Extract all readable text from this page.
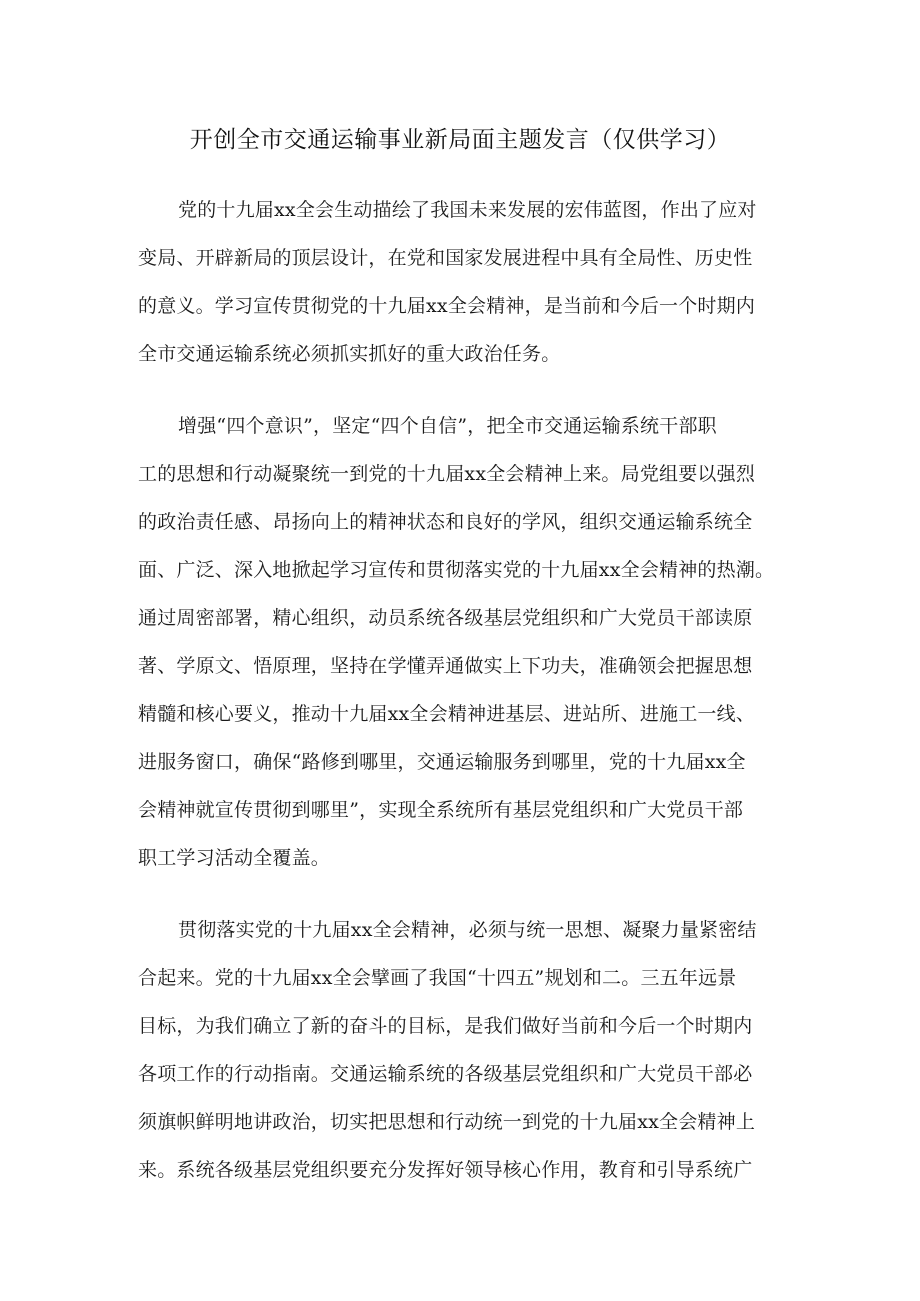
开创全市交通运输事业新局面主题发言（仅供学习）

党的十九届xx全会生动描绘了我国未来发展的宏伟蓝图，作出了应对
变局、开辟新局的顶层设计，在党和国家发展进程中具有全局性、历史性
的意义。学习宣传贯彻党的十九届xx全会精神，是当前和今后一个时期内
全市交通运输系统必须抓实抓好的重大政治任务。

增强“四个意识”，坚定“四个自信”，把全市交通运输系统干部职
工的思想和行动凝聚统一到党的十九届xx全会精神上来。局党组要以强烈
的政治责任感、昂扬向上的精神状态和良好的学风，组织交通运输系统全
面、广泛、深入地掀起学习宣传和贯彻落实党的十九届xx全会精神的热潮。
通过周密部署，精心组织，动员系统各级基层党组织和广大党员干部读原
著、学原文、悟原理，坚持在学懂弄通做实上下功夫，准确领会把握思想
精髓和核心要义，推动十九届xx全会精神进基层、进站所、进施工一线、
进服务窗口，确保“路修到哪里，交通运输服务到哪里，党的十九届xx全
会精神就宣传贯彻到哪里”，实现全系统所有基层党组织和广大党员干部
职工学习活动全覆盖。

贯彻落实党的十九届xx全会精神，必须与统一思想、凝聚力量紧密结
合起来。党的十九届xx全会擘画了我国“十四五”规划和二。三五年远景
目标，为我们确立了新的奋斗的目标，是我们做好当前和今后一个时期内
各项工作的行动指南。交通运输系统的各级基层党组织和广大党员干部必
须旗帜鲜明地讲政治，切实把思想和行动统一到党的十九届xx全会精神上
来。系统各级基层党组织要充分发挥好领导核心作用，教育和引导系统广
